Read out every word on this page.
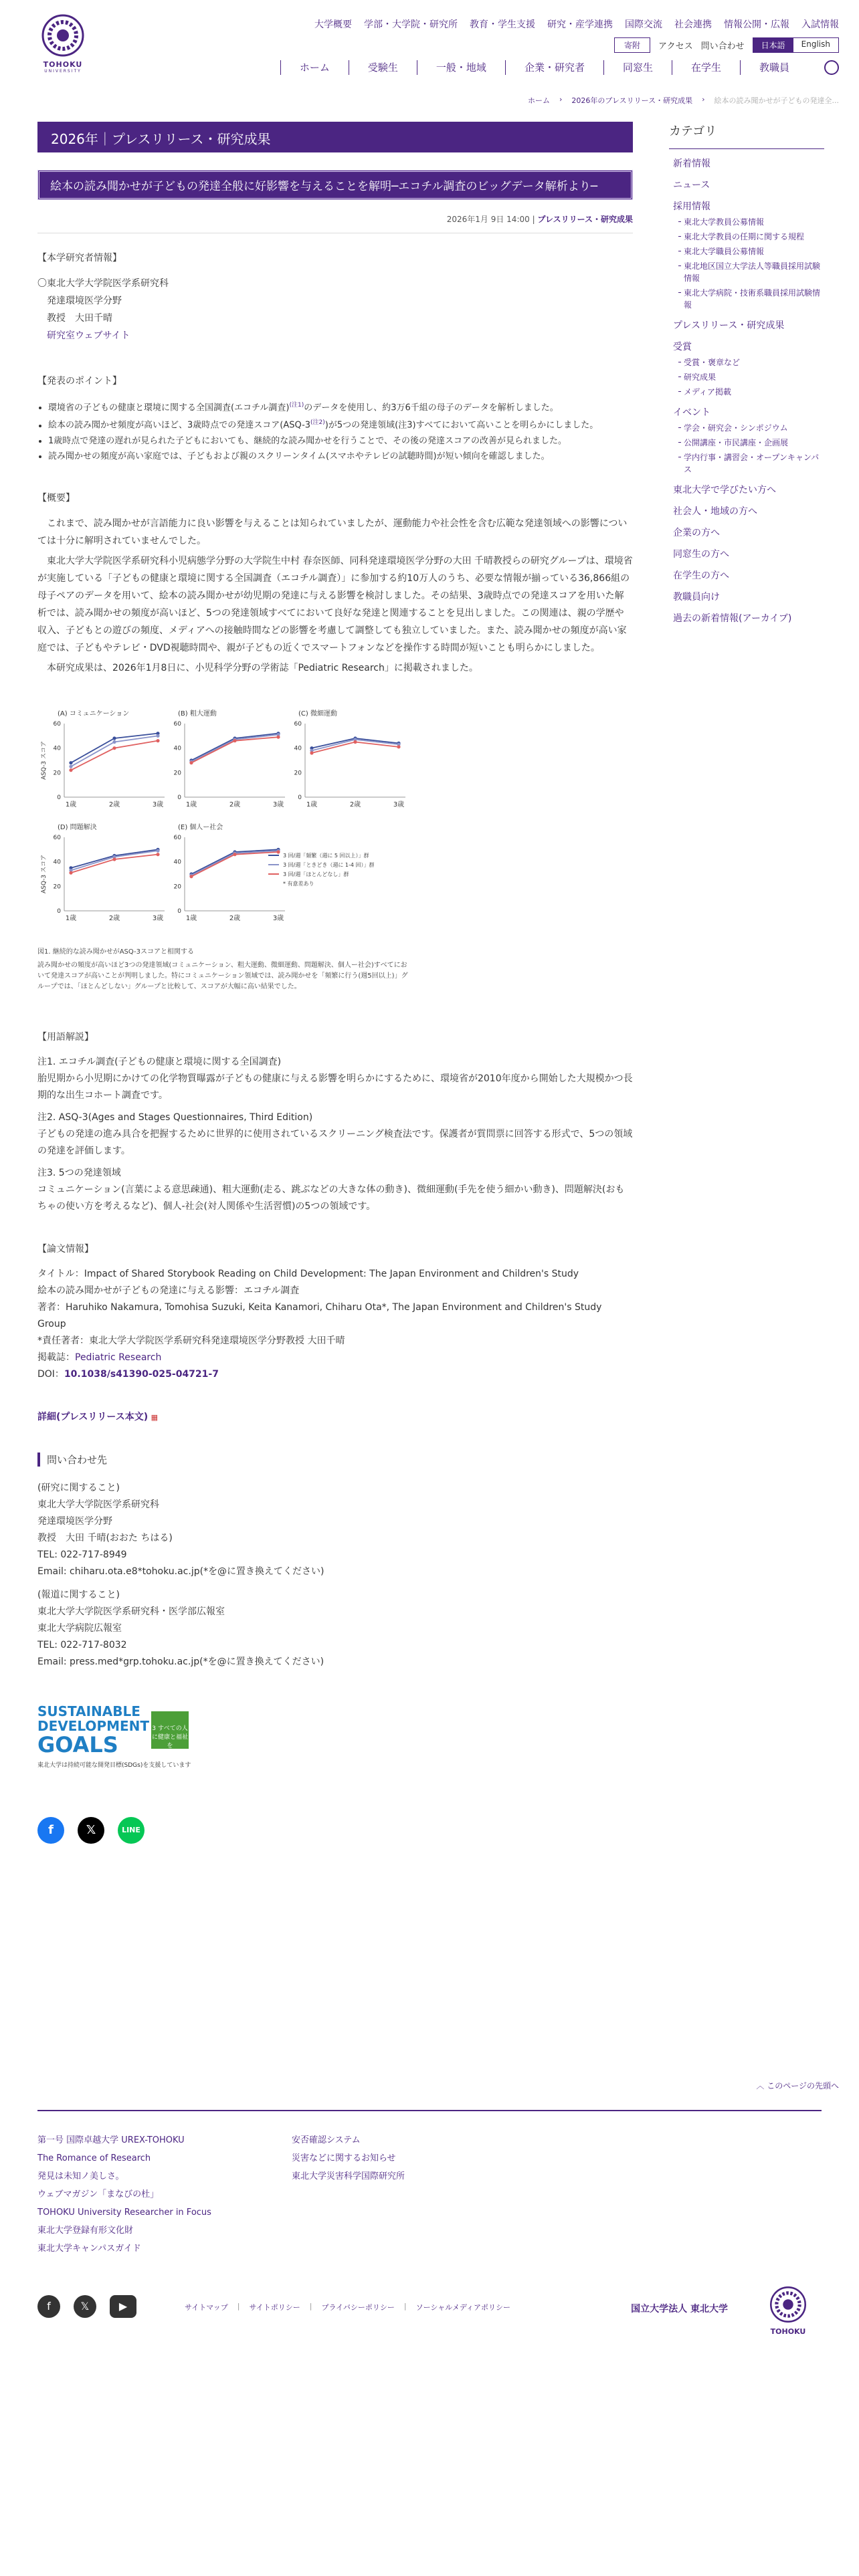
TOHOKU
UNIVERSITY
大学概要 学部・大学院・研究所 教育・学生支援 研究・産学連携 国際交流 社会連携 情報公開・広報 入試情報
寄附	アクセス 問い合わせ	日本語	English
ホーム	受験生	一般・地域	企業・研究者	同窓生	在学生	教職員
ホーム › 2026年のプレスリリース・研究成果 › 絵本の読み聞かせが子どもの発達全...
2026年｜プレスリリース・研究成果
絵本の読み聞かせが子どもの発達全般に好影響を与えることを解明─エコチル調査のビッグデータ解析より─
2026年1月 9日 14:00 | プレスリリース・研究成果
【本学研究者情報】
〇東北大学大学院医学系研究科
発達環境医学分野
教授　大田千晴
研究室ウェブサイト
【発表のポイント】
• 環境省の子どもの健康と環境に関する全国調査(エコチル調査)$^{(注1)}$のデータを使用し、約3万6千組の母子のデータを解析しました。
• 絵本の読み聞かせ頻度が高いほど、3歳時点での発達スコア$(ASQ-3^{(注2)})$が5つの発達領域(注3)すべてにおいて高いことを明らかにしました。
• 1歳時点で発達の遅れが見られた子どもにおいても、継続的な読み聞かせを行うことで、その後の発達スコアの改善が見られました。
• 読み聞かせの頻度が高い家庭では、子どもおよび親のスクリーンタイム(スマホやテレビの試聴時間)が短い傾向を確認しました。
【概要】

これまで、読み聞かせが言語能力に良い影響を与えることは知られていましたが、運動能力や社会性を含む広範な発達領域への影響については十分に解明されていませんでした。

東北大学大学院医学系研究科小児病態学分野の大学院生中村 春奈医師、同科発達環境医学分野の大田 千晴教授らの研究グループは、環境省が実施している「子どもの健康と環境に関する全国調査（エコチル調査）」に参加する約10万人のうち、必要な情報が揃っている36,866組の母子ペアのデータを用いて、絵本の読み聞かせが幼児期の発達に与える影響を検討しました。その結果、3歳時点での発達スコアを用いた解析では、読み聞かせの頻度が高いほど、5つの発達領域すべてにおいて良好な発達と関連することを見出しました。この関連は、親の学歴や収入、子どもとの遊びの頻度、メディアへの接触時間などの影響を考慮して調整しても独立していました。また、読み聞かせの頻度が高い家庭では、子どもやテレビ・DVD視聴時間や、親が子どもの近くでスマートフォンなどを操作する時間が短いことも明らかにしました。

本研究成果は、2026年1月8日に、小児科学分野の学術誌「Pediatric Research」に掲載されました。

(A) コミュニケーション
ASQ-3 スコア
0
20
40
60
1歳	2歳	3歳
(B) 粗大運動
0
20
40
60
1歳	2歳	3歳
(C) 微細運動
0
20
40
60
1歳	2歳	3歳
(D) 問題解決
ASQ-3 スコア
0
20
40
60
1歳	2歳	3歳
(E) 個人ー社会
0
20
40
60
1歳	2歳	3歳
3 回/週「頻繁（週に 5 回以上）」群
3 回/週「ときどき（週に 1-4 回）」群
3 回/週「ほとんどなし」群
* 有意差あり
図1. 継続的な読み聞かせがASQ-3スコアと相関する
読み聞かせの頻度が高いほど3つの発達領域(コミュニケーション、粗大運動、微細運動、問題解決、個人ー社会)すべてにおいて発達スコアが高いことが判明しました。特にコミュニケーション領域では、読み聞かせを「頻繁に行う(週5回以上)」グループでは、「ほとんどしない」グループと比較して、スコアが大幅に高い結果でした。
【用語解説】
注1. エコチル調査(子どもの健康と環境に関する全国調査)
胎児期から小児期にかけての化学物質曝露が子どもの健康に与える影響を明らかにするために、環境省が2010年度から開始した大規模かつ長期的な出生コホート調査です。
注2. ASQ-3(Ages and Stages Questionnaires, Third Edition)
子どもの発達の進み具合を把握するために世界的に使用されているスクリーニング検査法です。保護者が質問票に回答する形式で、5つの領域の発達を評価します。
注3. 5つの発達領域
コミュニケーション(言葉による意思疎通)、粗大運動(走る、跳ぶなどの大きな体の動き)、微細運動(手先を使う細かい動き)、問題解決(おもちゃの使い方を考えるなど)、個人-社会(対人関係や生活習慣)の5つの領域です。
【論文情報】
タイトル：Impact of Shared Storybook Reading on Child Development: The Japan Environment and Children's Study
絵本の読み聞かせが子どもの発達に与える影響：エコチル調査
著者：Haruhiko Nakamura, Tomohisa Suzuki, Keita Kanamori, Chiharu Ota*, The Japan Environment and Children's Study Group
*責任著者：東北大学大学院医学系研究科発達環境医学分野教授 大田千晴
掲載誌：Pediatric Research
DOI：10.1038/s41390-025-04721-7
詳細(プレスリリース本文) ▦
問い合わせ先
(研究に関すること)
東北大学大学院医学系研究科
発達環境医学分野
教授　大田 千晴(おおた ちはる)
TEL: 022-717-8949
Email: chiharu.ota.e8*tohoku.ac.jp(*を@に置き換えてください)
(報道に関すること)
東北大学大学院医学系研究科・医学部広報室
東北大学病院広報室
TEL: 022-717-8032
Email: press.med*grp.tohoku.ac.jp(*を@に置き換えてください)
SUSTAINABLE
DEVELOPMENT
GOALS
3 すべての人に健康と福祉を
東北大学は持続可能な開発目標(SDGs)を支援しています
f	𝕏	LINE
カテゴリ
新着情報
ニュース
採用情報
東北大学教員公募情報
東北大学教員の任期に関する規程
東北大学職員公募情報
東北地区国立大学法人等職員採用試験情報
東北大学病院・技術系職員採用試験情報
プレスリリース・研究成果
受賞
受賞・褒章など
研究成果
メディア掲載
イベント
学会・研究会・シンポジウム
公開講座・市民講座・企画展
学内行事・講習会・オープンキャンパス
東北大学で学びたい方へ
社会人・地域の方へ
企業の方へ
同窓生の方へ
在学生の方へ
教職員向け
過去の新着情報(アーカイブ)
︿ このページの先頭へ
第一号 国際卓越大学 UREX-TOHOKU
The Romance of Research
発見は未知ノ美しさ。
ウェブマガジン「まなびの杜」
TOHOKU University Researcher in Focus
東北大学登録有形文化財
東北大学キャンパスガイド
安否確認システム
災害などに関するお知らせ
東北大学災害科学国際研究所
f	𝕏	▶	サイトマップ | サイトポリシー | プライバシーポリシー | ソーシャルメディアポリシー	国立大学法人 東北大学
TOHOKU
